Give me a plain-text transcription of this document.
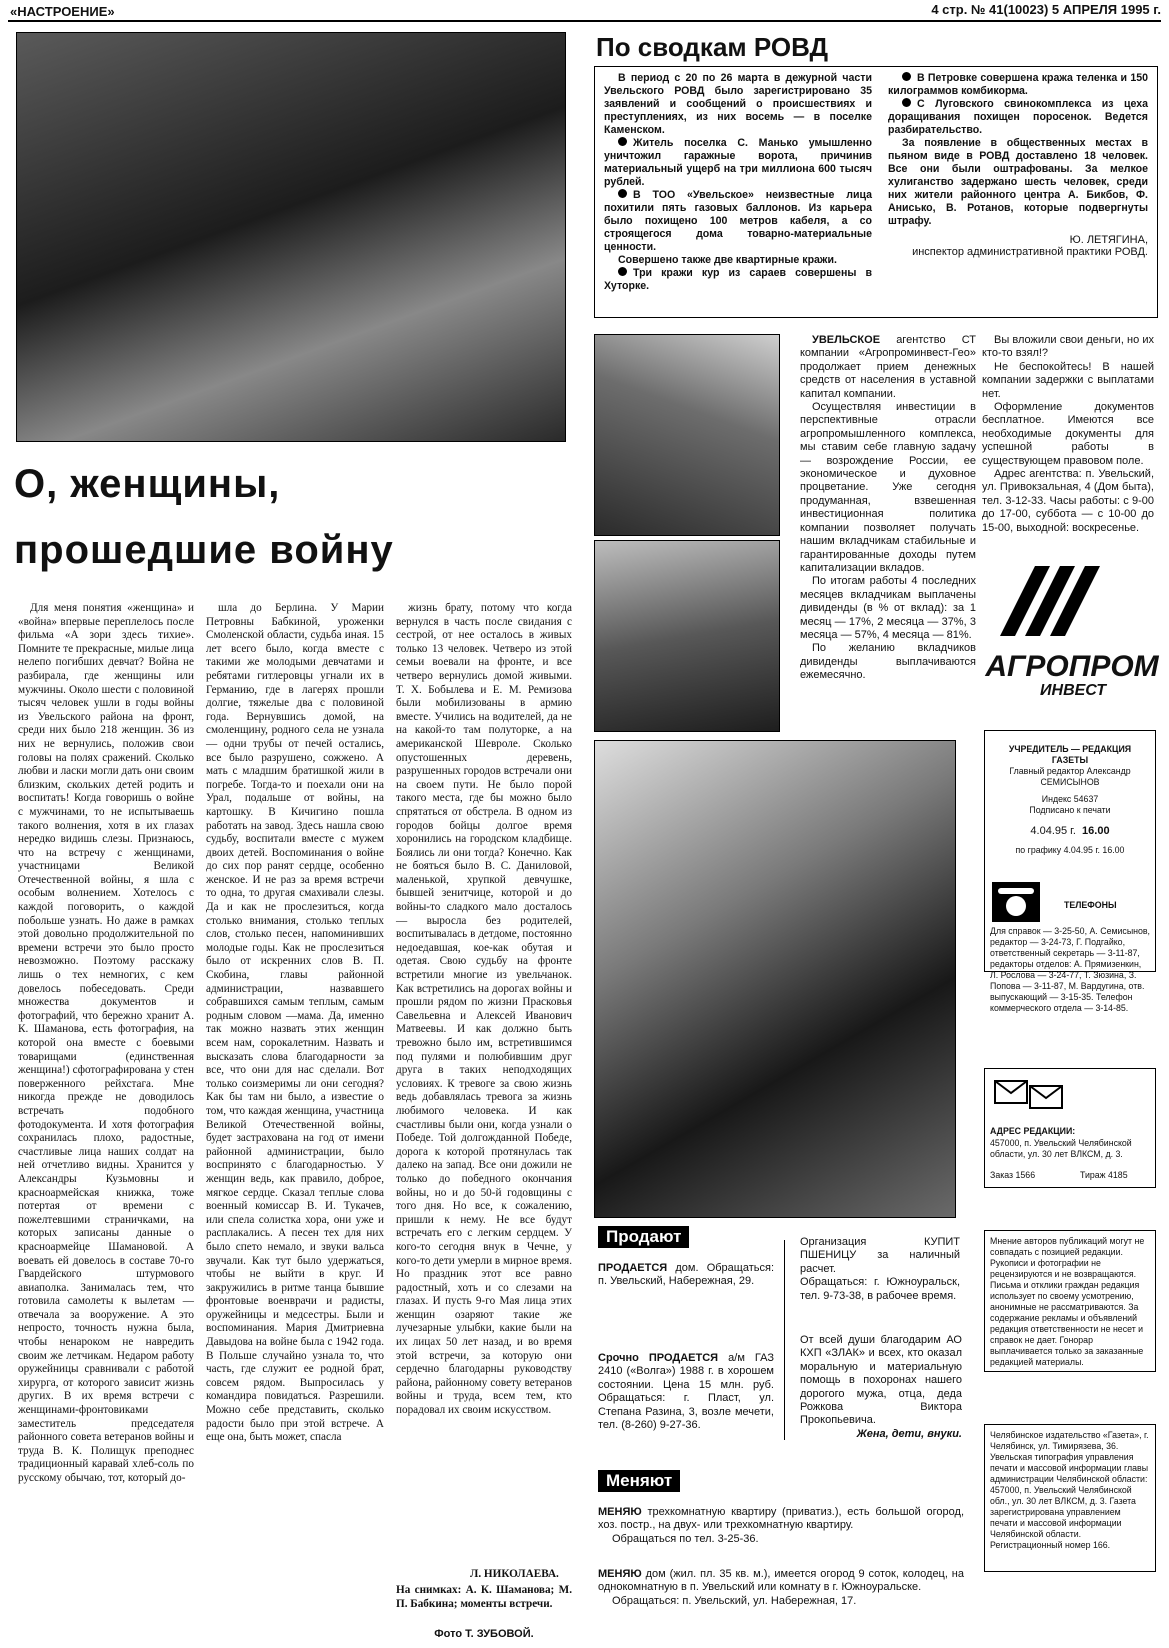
«НАСТРОЕНИЕ»	4 стр. № 41(10023) 5 АПРЕЛЯ 1995 г.
О, женщины,
прошедшие войну

Для меня понятия «женщина» и «война» впервые переплелось после фильма «А зори здесь тихие». Помните те прекрасные, милые лица нелепо погибших девчат? Война не разбирала, где женщины или мужчины. Около шести с половиной тысяч человек ушли в годы войны из Увельского района на фронт, среди них было 218 женщин. 36 из них не вернулись, положив свои головы на полях сражений. Сколько любви и ласки могли дать они своим близким, скольких детей родить и воспитать! Когда говоришь о войне с мужчинами, то не испытываешь такого волнения, хотя в их глазах нередко видишь слезы. Признаюсь, что на встречу с женщинами, участницами Великой Отечественной войны, я шла с особым волнением. Хотелось с каждой поговорить, о каждой побольше узнать. Но даже в рамках этой довольно продолжительной по времени встречи это было просто невозможно. Поэтому расскажу лишь о тех немногих, с кем довелось побеседовать. Среди множества документов и фотографий, что бережно хранит А. К. Шаманова, есть фотография, на которой она вместе с боевыми товарищами (единственная женщина!) сфотографирована у стен поверженного рейхстага. Мне никогда прежде не доводилось встречать подобного фотодокумента. И хотя фотография сохранилась плохо, радостные, счастливые лица наших солдат на ней отчетливо видны. Хранится у Александры Кузьмовны и красноармейская книжка, тоже потертая от времени с пожелтевшими страничками, на которых записаны данные о красноармейце Шамановой. А воевать ей довелось в составе 70-го Гвардейского штурмового авиаполка. Занималась тем, что готовила самолеты к вылетам — отвечала за вооружение. А это непросто, точность нужна была, чтобы ненароком не навредить своим же летчикам. Недаром работу оружейницы сравнивали с работой хирурга, от которого зависит жизнь других. В их время встречи с женщинами-фронтовиками заместитель председателя районного совета ветеранов войны и труда В. К. Полищук преподнес традиционный каравай хлеб-соль по русскому обычаю, тот, который до-

шла до Берлина. У Марии Петровны Бабкиной, уроженки Смоленской области, судьба иная. 15 лет всего было, когда вместе с такими же молодыми девчатами и ребятами гитлеровцы угнали их в Германию, где в лагерях прошли долгие, тяжелые два с половиной года. Вернувшись домой, на смоленщину, родного села не узнала — одни трубы от печей остались, все было разрушено, сожжено. А мать с младшим братишкой жили в погребе. Тогда-то и поехали они на Урал, подальше от войны, на картошку. В Кичигино пошла работать на завод. Здесь нашла свою судьбу, воспитали вместе с мужем двоих детей. Воспоминания о войне до сих пор ранят сердце, особенно женское. И не раз за время встречи то одна, то другая смахивали слезы. Да и как не прослезиться, когда столько внимания, столько теплых слов, столько песен, напоминивших молодые годы. Как не прослезиться было от искренних слов В. П. Скобина, главы районной администрации, назвавшего собравшихся самым теплым, самым родным словом —мама. Да, именно так можно назвать этих женщин всем нам, сорокалетним. Назвать и высказать слова благодарности за все, что они для нас сделали. Вот только соизмеримы ли они сегодня? Как бы там ни было, а известие о том, что каждая женщина, участница Великой Отечественной войны, будет застрахована на год от имени районной администрации, было воспринято с благодарностью. У женщин ведь, как правило, доброе, мягкое сердце. Сказал теплые слова военный комиссар В. И. Тукачев, или спела солистка хора, они уже и расплакались. А песен тех для них было спето немало, и звуки вальса звучали. Как тут было удержаться, чтобы не выйти в круг. И закружились в ритме танца бывшие фронтовые военврачи и радисты, оружейницы и медсестры. Были и воспоминания. Мария Дмитриевна Давыдова на войне была с 1942 года. В Польше случайно узнала то, что часть, где служит ее родной брат, совсем рядом. Выпросилась у командира повидаться. Разрешили. Можно себе представить, сколько радости было при этой встрече. А еще она, быть может, спасла

жизнь брату, потому что когда вернулся в часть после свидания с сестрой, от нее осталось в живых только 13 человек. Четверо из этой семьи воевали на фронте, и все четверо вернулись домой живыми. Т. Х. Бобылева и Е. М. Ремизова были мобилизованы в армию вместе. Учились на водителей, да не на какой-то там полуторке, а на американской Шевроле. Сколько опустошенных деревень, разрушенных городов встречали они на своем пути. Не было порой такого места, где бы можно было спрятаться от обстрела. В одном из городов бойцы долгое время хоронились на городском кладбище. Боялись ли они тогда? Конечно. Как не бояться было В. С. Даниловой, маленькой, хрупкой девчушке, бывшей зенитчице, которой и до войны-то сладкого мало досталось — выросла без родителей, воспитывалась в детдоме, постоянно недоедавшая, кое-как обутая и одетая. Свою судьбу на фронте встретили многие из увельчанок. Как встретились на дорогах войны и прошли рядом по жизни Прасковья Савельевна и Алексей Иванович Матвеевы. И как должно быть тревожно было им, встретившимся под пулями и полюбившим друг друга в таких неподходящих условиях. К тревоге за свою жизнь ведь добавлялась тревога за жизнь любимого человека. И как счастливы были они, когда узнали о Победе. Той долгожданной Победе, дорога к которой протянулась так далеко на запад. Все они дожили не только до победного окончания войны, но и до 50-й годовщины с того дня. Но все, к сожалению, пришли к нему. Не все будут встречать его с легким сердцем. У кого-то сегодня внук в Чечне, у кого-то дети умерли в мирное время. Но праздник этот все равно радостный, хоть и со слезами на глазах. И пусть 9-го Мая лица этих женщин озаряют такие же лучезарные улыбки, какие были на их лицах 50 лет назад, и во время этой встречи, за которую они сердечно благодарны руководству района, районному совету ветеранов войны и труда, всем тем, кто порадовал их своим искусством.

Л. НИКОЛАЕВА.
На снимках: А. К. Шаманова; М. П. Бабкина; моменты встречи.
Фото Т. ЗУБОВОЙ.
По сводкам РОВД

В период с 20 по 26 марта в дежурной части Увельского РОВД было зарегистрировано 35 заявлений и сообщений о происшествиях и преступлениях, из них восемь — в поселке Каменском.

Житель поселка С. Манько умышленно уничтожил гаражные ворота, причинив материальный ущерб на три миллиона 600 тысяч рублей.

В ТОО «Увельское» неизвестные лица похитили пять газовых баллонов. Из карьера было похищено 100 метров кабеля, а со строящегося дома товарно-материальные ценности.

Совершено также две квартирные кражи.

Три кражи кур из сараев совершены в Хуторке.

В Петровке совершена кража теленка и 150 килограммов комбикорма.

С Луговского свинокомплекса из цеха доращивания похищен поросенок. Ведется разбирательство.

За появление в общественных местах в пьяном виде в РОВД доставлено 18 человек. Все они были оштрафованы. За мелкое хулиганство задержано шесть человек, среди них жители районного центра А. Бикбов, Ф. Анисько, В. Ротанов, которые подвергнуты штрафу.

Ю. ЛЕТЯГИНА,
инспектор административной практики РОВД.

УВЕЛЬСКОЕ агентство СТ компании «Агропроминвест-Гео» продолжает прием денежных средств от населения в уставной капитал компании.

Осуществляя инвестиции в перспективные отрасли агропромышленного комплекса, мы ставим себе главную задачу — возрождение России, ее экономическое и духовное процветание. Уже сегодня продуманная, взвешенная инвестиционная политика компании позволяет получать нашим вкладчикам стабильные и гарантированные доходы путем капитализации вкладов.

По итогам работы 4 последних месяцев вкладчикам выплачены дивиденды (в % от вклад): за 1 месяц — 17%, 2 месяца — 37%, 3 месяца — 57%, 4 месяца — 81%.

По желанию вкладчиков дивиденды выплачиваются ежемесячно.

Вы вложили свои деньги, но их кто-то взял!?

Не беспокойтесь! В нашей компании задержки с выплатами нет.

Оформление документов бесплатное. Имеются все необходимые документы для успешной работы в существующем правовом поле.

Адрес агентства: п. Увельский, ул. Привокзальная, 4 (Дом быта), тел. 3-12-33. Часы работы: с 9-00 до 17-00, суббота — с 10-00 до 15-00, выходной: воскресенье.

АГРОПРОМ
ИНВЕСТ
УЧРЕДИТЕЛЬ — РЕДАКЦИЯ ГАЗЕТЫ
Главный редактор Александр СЕМИСЫНОВ
Индекс 54637
Подписано к печати
4.04.95 г. 16.00
по графику 4.04.95 г. 16.00
ТЕЛЕФОНЫ
Для справок — 3-25-50, А. Семисынов, редактор — 3-24-73, Г. Подгайко, ответственный секретарь — 3-11-87, редакторы отделов: А. Прямизенкин, Л. Рослова — 3-24-77, Т. Зюзина, З. Попова — 3-11-87, М. Вардугина, отв. выпускающий — 3-15-35. Телефон коммерческого отдела — 3-14-85.
АДРЕС РЕДАКЦИИ:
457000, п. Увельский Челябинской области, ул. 30 лет ВЛКСМ, д. 3.
Заказ 1566	Тираж 4185
Мнение авторов публикаций могут не совпадать с позицией редакции. Рукописи и фотографии не рецензируются и не возвращаются. Письма и отклики граждан редакция использует по своему усмотрению, анонимные не рассматриваются. За содержание рекламы и объявлений редакция ответственности не несет и справок не дает. Гонорар выплачивается только за заказанные редакцией материалы.
Челябинское издательство «Газета», г. Челябинск, ул. Тимирязева, 36. Увельская типография управления печати и массовой информации главы администрации Челябинской области: 457000, п. Увельский Челябинской обл., ул. 30 лет ВЛКСМ, д. 3. Газета зарегистрирована управлением печати и массовой информации Челябинской области. Регистрационный номер 166.
Продают

ПРОДАЕТСЯ дом. Обращаться: п. Увельский, Набережная, 29.

Срочно ПРОДАЕТСЯ а/м ГАЗ 2410 («Волга») 1988 г. в хорошем состоянии. Цена 15 млн. руб. Обращаться: г. Пласт, ул. Степана Разина, 3, возле мечети, тел. (8-260) 9-27-36.

Организация КУПИТ ПШЕНИЦУ за наличный расчет.

Обращаться: г. Южноуральск, тел. 9-73-38, в рабочее время.

От всей души благодарим АО КХП «ЗЛАК» и всех, кто оказал моральную и материальную помощь в похоронах нашего дорогого мужа, отца, деда Рожкова Виктора Прокопьевича.

Жена, дети, внуки.

Меняют

МЕНЯЮ трехкомнатную квартиру (приватиз.), есть большой огород, хоз. постр., на двух- или трехкомнатную квартиру.

Обращаться по тел. 3-25-36.

МЕНЯЮ дом (жил. пл. 35 кв. м.), имеется огород 9 соток, колодец, на однокомнатную в п. Увельский или комнату в г. Южноуральске.

Обращаться: п. Увельский, ул. Набережная, 17.
